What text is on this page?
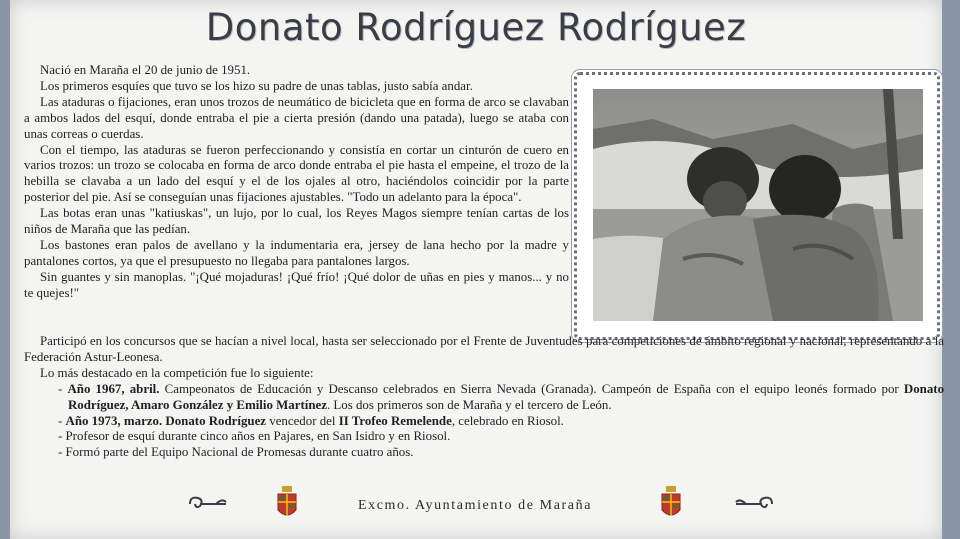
Donato Rodríguez Rodríguez

Nació en Maraña el 20 de junio de 1951.

Los primeros esquíes que tuvo se los hizo su padre de unas tablas, justo sabía andar.

Las ataduras o fijaciones, eran unos trozos de neumático de bicicleta que en forma de arco se clavaban a ambos lados del esquí, donde entraba el pie a cierta presión (dando una patada), luego se ataba con unas correas o cuerdas.

Con el tiempo, las ataduras se fueron perfeccionando y consistía en cortar un cinturón de cuero en varios trozos: un trozo se colocaba en forma de arco donde entraba el pie hasta el empeine, el trozo de la hebilla se clavaba a un lado del esquí y el de los ojales al otro, haciéndolos coincidir por la parte posterior del pie. Así se conseguían unas fijaciones ajustables. "Todo un adelanto para la época".

Las botas eran unas "katiuskas", un lujo, por lo cual, los Reyes Magos siempre tenían cartas de los niños de Maraña que las pedían.

Los bastones eran palos de avellano y la indumentaria era, jersey de lana hecho por la madre y pantalones cortos, ya que el presupuesto no llegaba para pantalones largos.

Sin guantes y sin manoplas. "¡Qué mojaduras! ¡Qué frío! ¡Qué dolor de uñas en pies y manos... y no te quejes!"

Participó en los concursos que se hacían a nivel local, hasta ser seleccionado por el Frente de Juventudes para competiciones de ámbito regional y nacional, representando a la Federación Astur-Leonesa.

Lo más destacado en la competición fue lo siguiente:

- Año 1967, abril. Campeonatos de Educación y Descanso celebrados en Sierra Nevada (Granada). Campeón de España con el equipo leonés formado por Donato Rodríguez, Amaro González y Emilio Martínez. Los dos primeros son de Maraña y el tercero de León.
- Año 1973, marzo. Donato Rodríguez vencedor del II Trofeo Remelende, celebrado en Riosol.
- Profesor de esquí durante cinco años en Pajares, en San Isidro y en Riosol.
- Formó parte del Equipo Nacional de Promesas durante cuatro años.
Excmo. Ayuntamiento de Maraña
